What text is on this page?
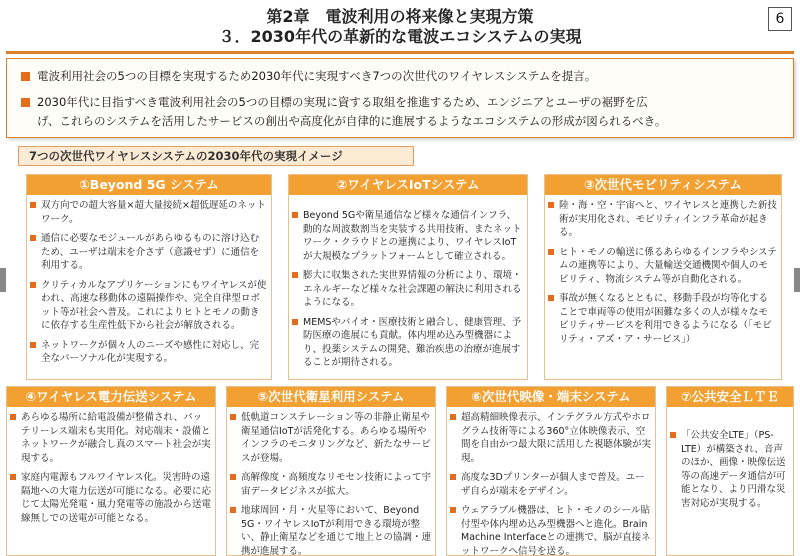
第2章　電波利用の将来像と実現方策
３．2030年代の革新的な電波エコシステムの実現
6
電波利用社会の5つの目標を実現するため2030年代に実現すべき7つの次世代のワイヤレスシステムを提言。
2030年代に目指すべき電波利用社会の5つの目標の実現に資する取組を推進するため、エンジニアとユーザの裾野を広
げ、これらのシステムを活用したサービスの創出や高度化が自律的に進展するようなエコシステムの形成が図られるべき。
7つの次世代ワイヤレスシステムの2030年代の実現イメージ
①Beyond 5G システム
双方向での超大容量×超大量接続×超低遅延のネットワーク。
通信に必要なモジュールがあらゆるものに溶け込むため、ユーザは端末を介さず（意識せず）に通信を利用する。
クリティカルなアプリケーションにもワイヤレスが使われ、高速な移動体の遠隔操作や、完全自律型ロボット等が社会へ普及。これによりヒトとモノの動きに依存する生産性低下から社会が解放される。
ネットワークが個々人のニーズや感性に対応し、完全なパーソナル化が実現する。
②ワイヤレスIoTシステム
Beyond 5Gや衛星通信など様々な通信インフラ、動的な周波数割当を実装する共用技術、またネットワーク・クラウドとの連携により、ワイヤレスIoTが大規模なプラットフォームとして確立される。
膨大に収集された実世界情報の分析により、環境・エネルギーなど様々な社会課題の解決に利用されるようになる。
MEMSやバイオ・医療技術と融合し、健康管理、予防医療の進展にも貢献。体内埋め込み型機器により、投薬システムの開発、難治疾患の治療が進展することが期待される。
③次世代モビリティシステム
陸・海・空・宇宙へと、ワイヤレスと連携した新技術が実用化され、モビリティインフラ革命が起きる。
ヒト・モノの輸送に係るあらゆるインフラやシステムの連携等により、大量輸送交通機関や個人のモビリティ、物流システム等が自動化される。
事故が無くなるとともに、移動手段が均等化することで車両等の使用が困難な多くの人が様々なモビリティサービスを利用できるようになる（「モビリティ・アズ・ア・サービス」）
④ワイヤレス電力伝送システム
あらゆる場所に給電設備が整備され、バッテリーレス端末も実用化。対応端末・設備とネットワークが融合し真のスマート社会が実現する。
家庭内電源もフルワイヤレス化。災害時の遠隔地への大電力伝送が可能になる。必要に応じて太陽光発電・風力発電等の施設から送電線無しでの送電が可能となる。
⑤次世代衛星利用システム
低軌道コンステレーション等の非静止衛星や衛星通信IoTが活発化する。あらゆる場所やインフラのモニタリングなど、新たなサービスが登場。
高解像度・高頻度なリモセン技術によって宇宙データビジネスが拡大。
地球周回・月・火星等において、Beyond 5G・ワイヤレスIoTが利用できる環境が整い、静止衛星などを通じて地上との協調・連携が進展する。
⑥次世代映像・端末システム
超高精細映像表示、インテグラル方式やホログラム技術等による360°立体映像表示、空間を自由かつ最大限に活用した視聴体験が実現。
高度な3Dプリンターが個人まで普及。ユーザ自らが端末をデザイン。
ウェアラブル機器は、ヒト・モノのシール貼付型や体内埋め込み型機器へと進化。Brain Machine Interfaceとの連携で、脳が直接ネットワークへ信号を送る。
⑦公共安全ＬＴＥ
「公共安全LTE」（PS-LTE）が構築され、音声のほか、画像・映像伝送等の高速データ通信が可能となり、より円滑な災害対応が実現する。
